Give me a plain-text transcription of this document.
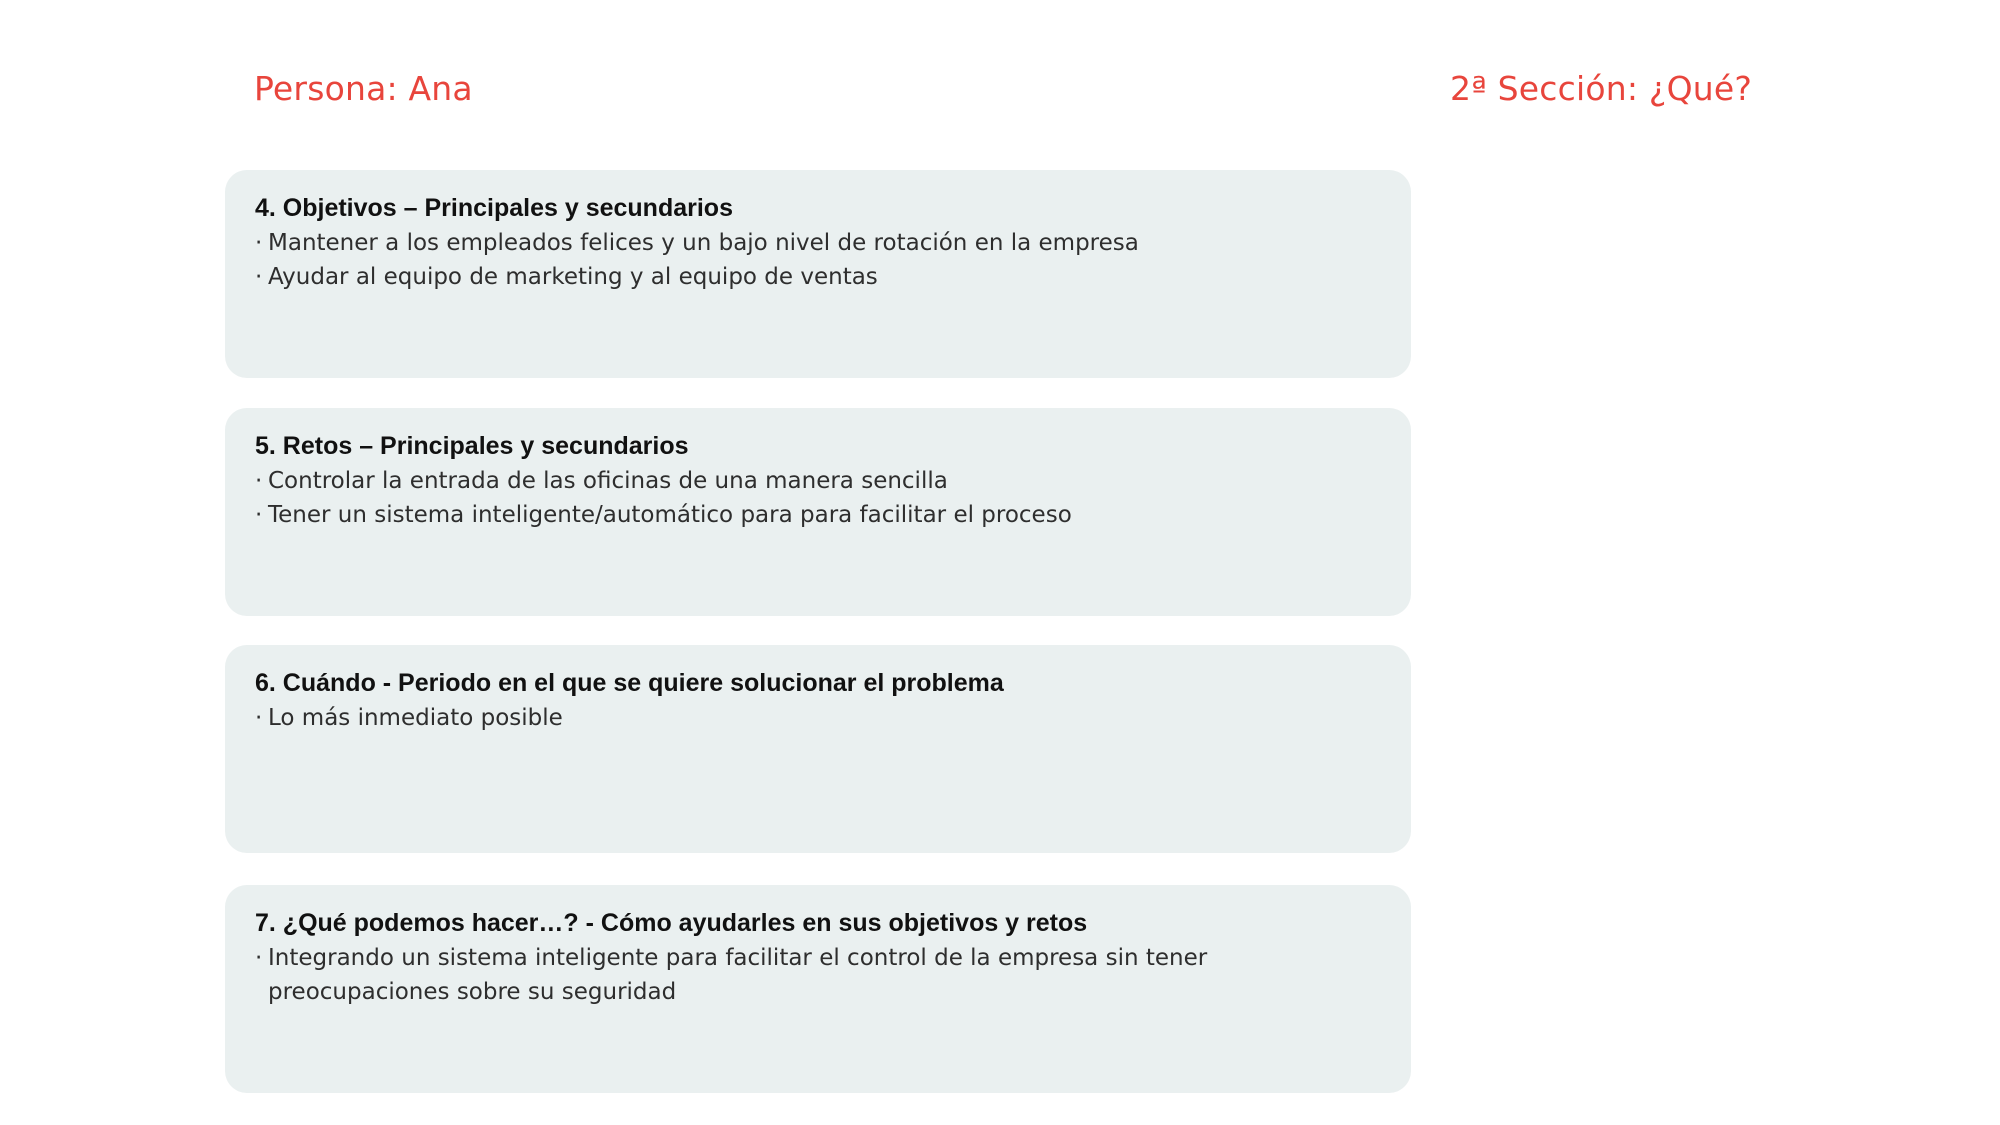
Persona: Ana	2ª Sección: ¿Qué?
4. Objetivos – Principales y secundarios
· Mantener a los empleados felices y un bajo nivel de rotación en la empresa
· Ayudar al equipo de marketing y al equipo de ventas
5. Retos – Principales y secundarios
· Controlar la entrada de las oficinas de una manera sencilla
· Tener un sistema inteligente/automático para para facilitar el proceso
6. Cuándo - Periodo en el que se quiere solucionar el problema
· Lo más inmediato posible
7. ¿Qué podemos hacer…? - Cómo ayudarles en sus objetivos y retos
· Integrando un sistema inteligente para facilitar el control de la empresa sin tener preocupaciones sobre su seguridad
